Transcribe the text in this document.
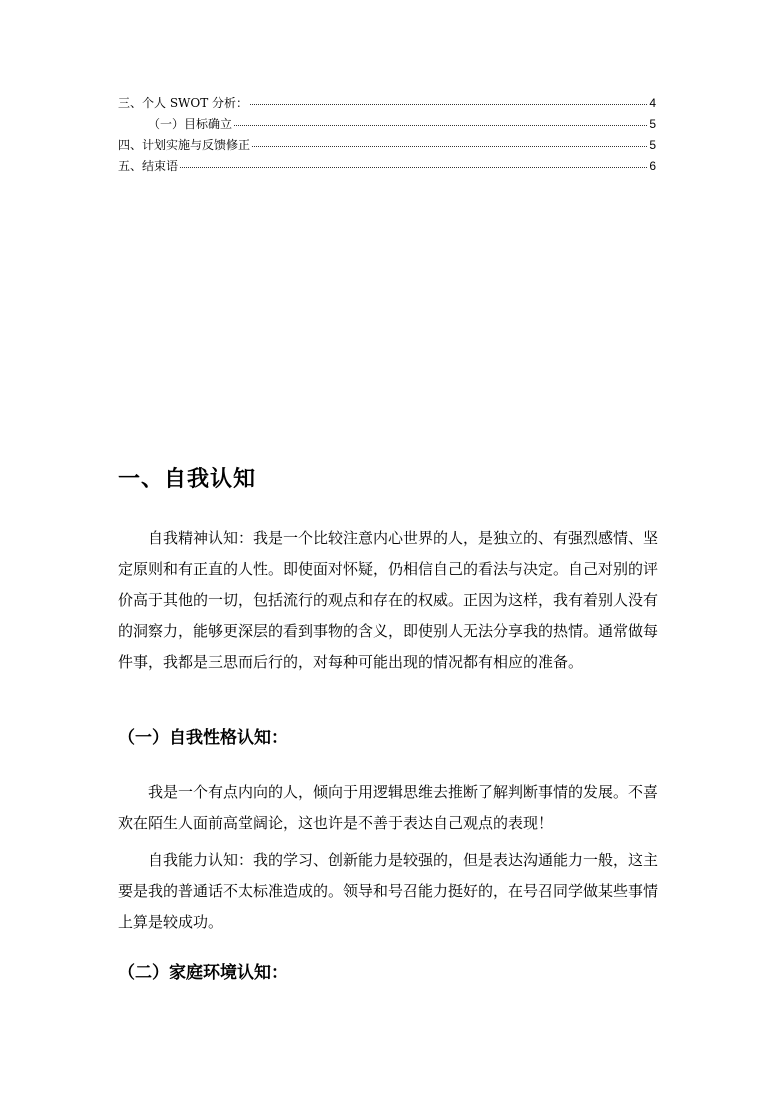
三、个人 SWOT 分析：	4
（一）目标确立	5
四、计划实施与反馈修正	5
五、结束语	6
一、自我认知

自我精神认知：我是一个比较注意内心世界的人，是独立的、有强烈感情、坚定原则和有正直的人性。即使面对怀疑，仍相信自己的看法与决定。自己对别的评价高于其他的一切，包括流行的观点和存在的权威。正因为这样，我有着别人没有的洞察力，能够更深层的看到事物的含义，即使别人无法分享我的热情。通常做每件事，我都是三思而后行的，对每种可能出现的情况都有相应的准备。

（一）自我性格认知：

我是一个有点内向的人，倾向于用逻辑思维去推断了解判断事情的发展。不喜欢在陌生人面前高堂阔论，这也许是不善于表达自己观点的表现！

自我能力认知：我的学习、创新能力是较强的，但是表达沟通能力一般，这主要是我的普通话不太标准造成的。领导和号召能力挺好的，在号召同学做某些事情上算是较成功。

（二）家庭环境认知：
